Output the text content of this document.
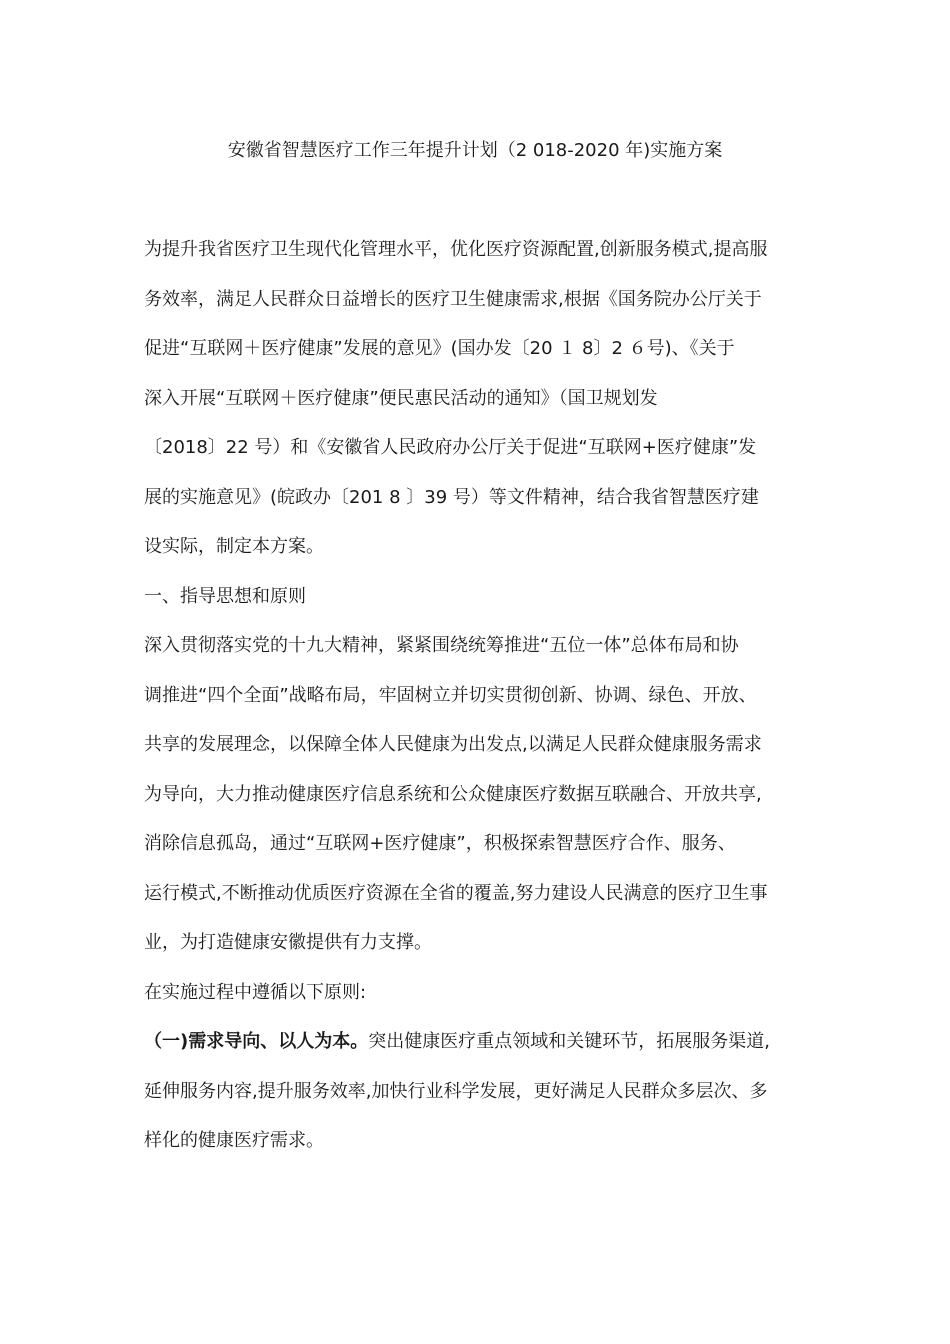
安徽省智慧医疗工作三年提升计划（2 018-2020 年)实施方案
为提升我省医疗卫生现代化管理水平，优化医疗资源配置,创新服务模式,提高服
务效率，满足人民群众日益增长的医疗卫生健康需求,根据《国务院办公厅关于
促进“互联网＋医疗健康”发展的意见》(国办发〔20 １ 8〕2 ６号)、《关于
深入开展“互联网＋医疗健康”便民惠民活动的通知》（国卫规划发
〔2018〕22 号）和《安徽省人民政府办公厅关于促进“互联网+医疗健康”发
展的实施意见》(皖政办〔201 8 〕39 号）等文件精神，结合我省智慧医疗建
设实际，制定本方案。
一、指导思想和原则
深入贯彻落实党的十九大精神，紧紧围绕统筹推进“五位一体”总体布局和协
调推进“四个全面”战略布局，牢固树立并切实贯彻创新、协调、绿色、开放、
共享的发展理念，以保障全体人民健康为出发点,以满足人民群众健康服务需求
为导向，大力推动健康医疗信息系统和公众健康医疗数据互联融合、开放共享,
消除信息孤岛，通过“互联网+医疗健康”，积极探索智慧医疗合作、服务、
运行模式,不断推动优质医疗资源在全省的覆盖,努力建设人民满意的医疗卫生事
业，为打造健康安徽提供有力支撑。
在实施过程中遵循以下原则:
（一)需求导向、以人为本。突出健康医疗重点领域和关键环节，拓展服务渠道,
延伸服务内容,提升服务效率,加快行业科学发展，更好满足人民群众多层次、多
样化的健康医疗需求。
